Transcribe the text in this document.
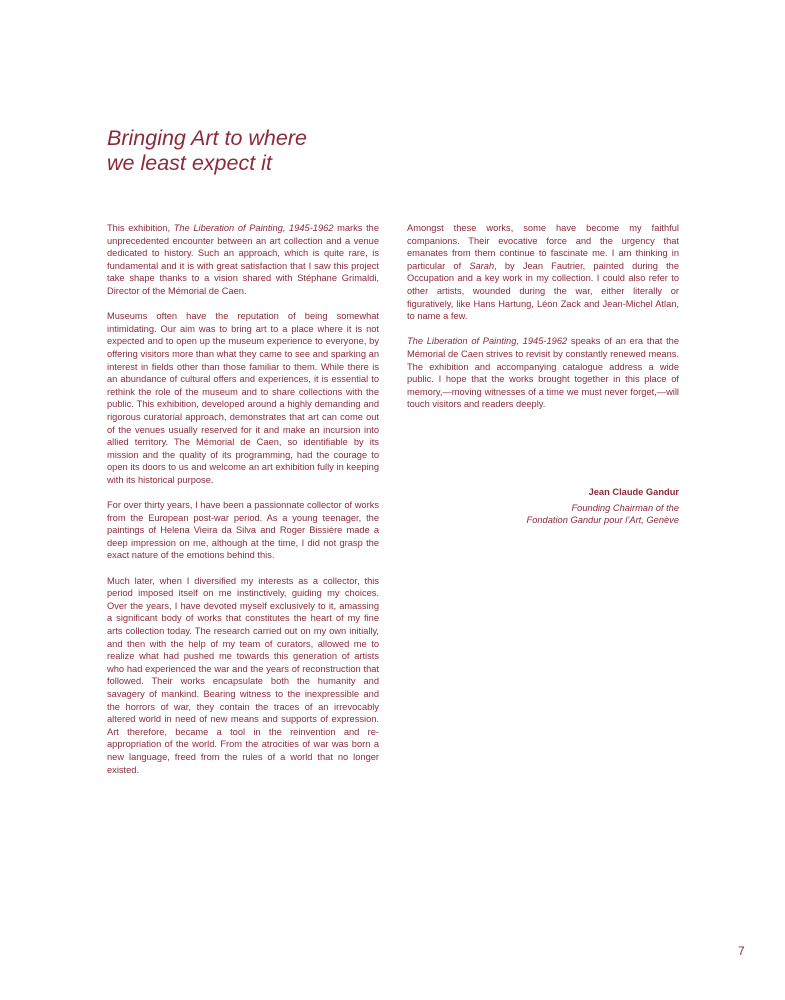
Bringing Art to where
we least expect it

This exhibition, The Liberation of Painting, 1945-1962 marks the unprecedented encounter between an art collection and a venue dedicated to history. Such an approach, which is quite rare, is fundamental and it is with great satisfaction that I saw this project take shape thanks to a vision shared with Stéphane Grimaldi, Director of the Mémorial de Caen.

Museums often have the reputation of being somewhat intimidating. Our aim was to bring art to a place where it is not expected and to open up the museum experience to everyone, by offering visitors more than what they came to see and sparking an interest in fields other than those familiar to them. While there is an abundance of cultural offers and experiences, it is essential to rethink the role of the museum and to share collections with the public. This exhibition, developed around a highly demanding and rigorous curatorial approach, demonstrates that art can come out of the venues usually reserved for it and make an incursion into allied territory. The Mémorial de Caen, so identifiable by its mission and the quality of its programming, had the courage to open its doors to us and welcome an art exhibition fully in keeping with its historical purpose.

For over thirty years, I have been a passionnate collector of works from the European post-war period. As a young teenager, the paintings of Helena Vieira da Silva and Roger Bissière made a deep impression on me, although at the time, I did not grasp the exact nature of the emotions behind this.

Much later, when I diversified my interests as a collector, this period imposed itself on me instinctively, guiding my choices. Over the years, I have devoted myself exclusively to it, amassing a significant body of works that constitutes the heart of my fine arts collection today. The research carried out on my own initially, and then with the help of my team of curators, allowed me to realize what had pushed me towards this generation of artists who had experienced the war and the years of reconstruction that followed. Their works encapsulate both the humanity and savagery of mankind. Bearing witness to the inexpressible and the horrors of war, they contain the traces of an irrevocably altered world in need of new means and supports of expression. Art therefore, became a tool in the reinvention and re-appropriation of the world. From the atrocities of war was born a new language, freed from the rules of a world that no longer existed.

Amongst these works, some have become my faithful companions. Their evocative force and the urgency that emanates from them continue to fascinate me. I am thinking in particular of Sarah, by Jean Fautrier, painted during the Occupation and a key work in my collection. I could also refer to other artists, wounded during the war, either literally or figuratively, like Hans Hartung, Léon Zack and Jean-Michel Atlan, to name a few.

The Liberation of Painting, 1945-1962 speaks of an era that the Mémorial de Caen strives to revisit by constantly renewed means. The exhibition and accompanying catalogue address a wide public. I hope that the works brought together in this place of memory,—moving witnesses of a time we must never forget,—will touch visitors and readers deeply.

Jean Claude Gandur
Founding Chairman of the
Fondation Gandur pour l’Art, Genève
7
